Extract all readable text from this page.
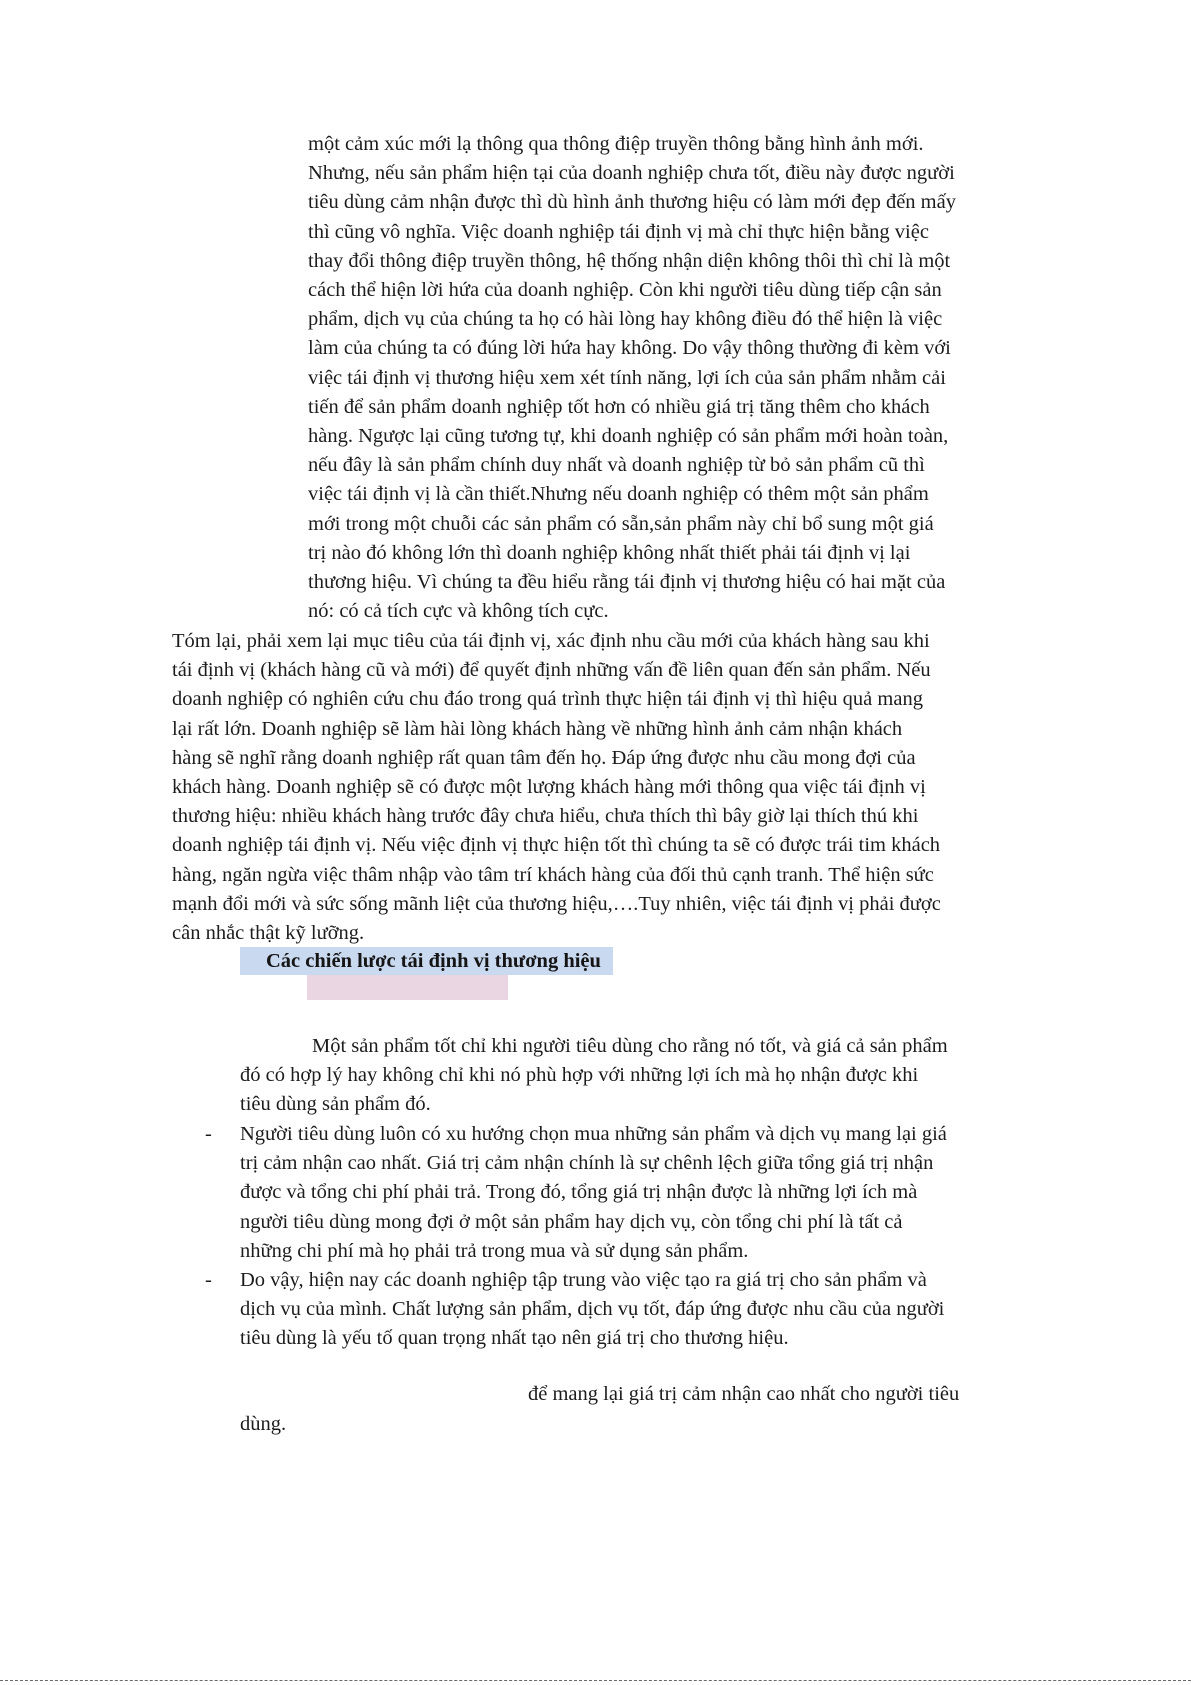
một cảm xúc mới lạ thông qua thông điệp truyền thông bằng hình ảnh mới.
Nhưng, nếu sản phẩm hiện tại của doanh nghiệp chưa tốt, điều này được người
tiêu dùng cảm nhận được thì dù hình ảnh thương hiệu có làm mới đẹp đến mấy
thì cũng vô nghĩa. Việc doanh nghiệp tái định vị mà chỉ thực hiện bằng việc
thay đổi thông điệp truyền thông, hệ thống nhận diện không thôi thì chỉ là một
cách thể hiện lời hứa của doanh nghiệp. Còn khi người tiêu dùng tiếp cận sản
phẩm, dịch vụ của chúng ta họ có hài lòng hay không điều đó thể hiện là việc
làm của chúng ta có đúng lời hứa hay không. Do vậy thông thường đi kèm với
việc tái định vị thương hiệu xem xét tính năng, lợi ích của sản phẩm nhằm cải
tiến để sản phẩm doanh nghiệp tốt hơn có nhiều giá trị tăng thêm cho khách
hàng. Ngược lại cũng tương tự, khi doanh nghiệp có sản phẩm mới hoàn toàn,
nếu đây là sản phẩm chính duy nhất và doanh nghiệp từ bỏ sản phẩm cũ thì
việc tái định vị là cần thiết.Nhưng nếu doanh nghiệp có thêm một sản phẩm
mới trong một chuỗi các sản phẩm có sẵn,sản phẩm này chỉ bổ sung một giá
trị nào đó không lớn thì doanh nghiệp không nhất thiết phải tái định vị lại
thương hiệu. Vì chúng ta đều hiểu rằng tái định vị thương hiệu có hai mặt của
nó: có cả tích cực và không tích cực.
Tóm lại, phải xem lại mục tiêu của tái định vị, xác định nhu cầu mới của khách hàng sau khi
tái định vị (khách hàng cũ và mới) để quyết định những vấn đề liên quan đến sản phẩm. Nếu
doanh nghiệp có nghiên cứu chu đáo trong quá trình thực hiện tái định vị thì hiệu quả mang
lại rất lớn. Doanh nghiệp sẽ làm hài lòng khách hàng về những hình ảnh cảm nhận khách
hàng sẽ nghĩ rằng doanh nghiệp rất quan tâm đến họ. Đáp ứng được nhu cầu mong đợi của
khách hàng. Doanh nghiệp sẽ có được một lượng khách hàng mới thông qua việc tái định vị
thương hiệu: nhiều khách hàng trước đây chưa hiểu, chưa thích thì bây giờ lại thích thú khi
doanh nghiệp tái định vị. Nếu việc định vị thực hiện tốt thì chúng ta sẽ có được trái tim khách
hàng, ngăn ngừa việc thâm nhập vào tâm trí khách hàng của đối thủ cạnh tranh. Thể hiện sức
mạnh đổi mới và sức sống mãnh liệt của thương hiệu,….Tuy nhiên, việc tái định vị phải được
cân nhắc thật kỹ lưỡng.
Các chiến lược tái định vị thương hiệu
Một sản phẩm tốt chỉ khi người tiêu dùng cho rằng nó tốt, và giá cả sản phẩm
đó có hợp lý hay không chỉ khi nó phù hợp với những lợi ích mà họ nhận được khi
tiêu dùng sản phẩm đó.
- Người tiêu dùng luôn có xu hướng chọn mua những sản phẩm và dịch vụ mang lại giá
trị cảm nhận cao nhất. Giá trị cảm nhận chính là sự chênh lệch giữa tổng giá trị nhận
được và tổng chi phí phải trả. Trong đó, tổng giá trị nhận được là những lợi ích mà
người tiêu dùng mong đợi ở một sản phẩm hay dịch vụ, còn tổng chi phí là tất cả
những chi phí mà họ phải trả trong mua và sử dụng sản phẩm.
- Do vậy, hiện nay các doanh nghiệp tập trung vào việc tạo ra giá trị cho sản phẩm và
dịch vụ của mình. Chất lượng sản phẩm, dịch vụ tốt, đáp ứng được nhu cầu của người
tiêu dùng là yếu tố quan trọng nhất tạo nên giá trị cho thương hiệu.
để mang lại giá trị cảm nhận cao nhất cho người tiêu
dùng.
